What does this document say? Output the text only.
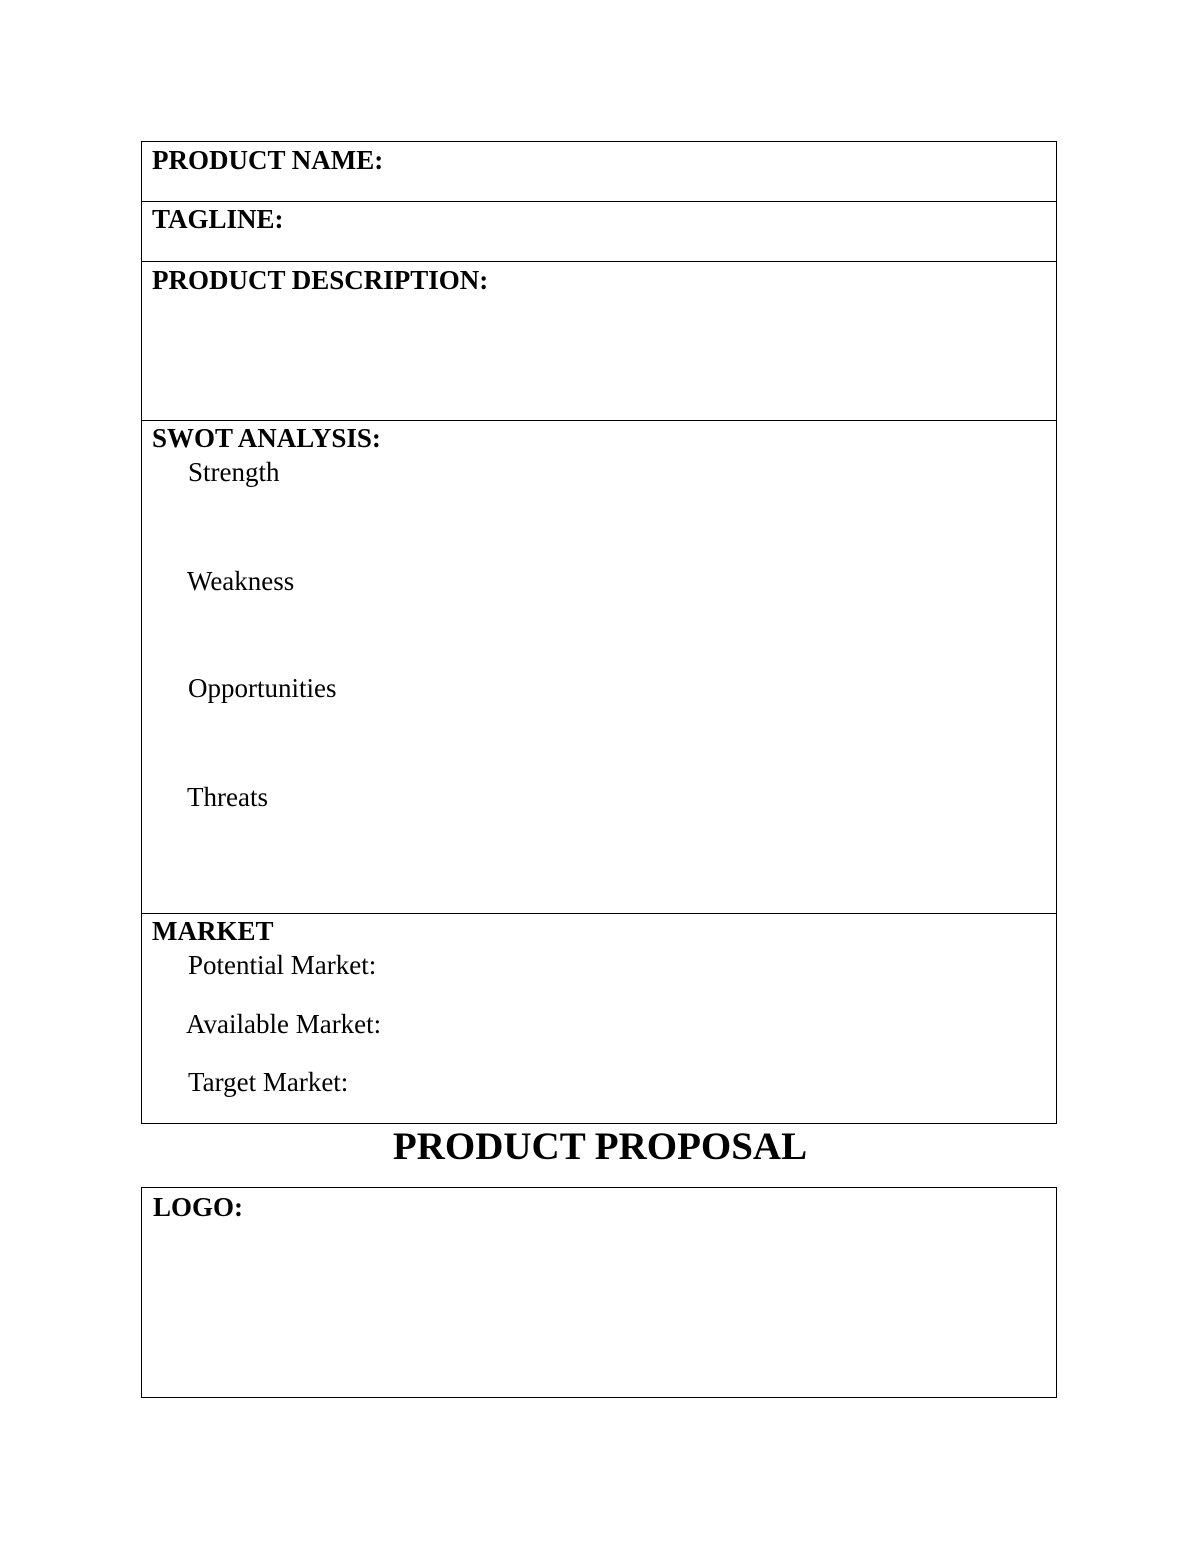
PRODUCT NAME:
TAGLINE:
PRODUCT DESCRIPTION:
SWOT ANALYSIS:
Strength
Weakness
Opportunities
Threats
MARKET
Potential Market:
Available Market:
Target Market:
PRODUCT PROPOSAL
LOGO:
